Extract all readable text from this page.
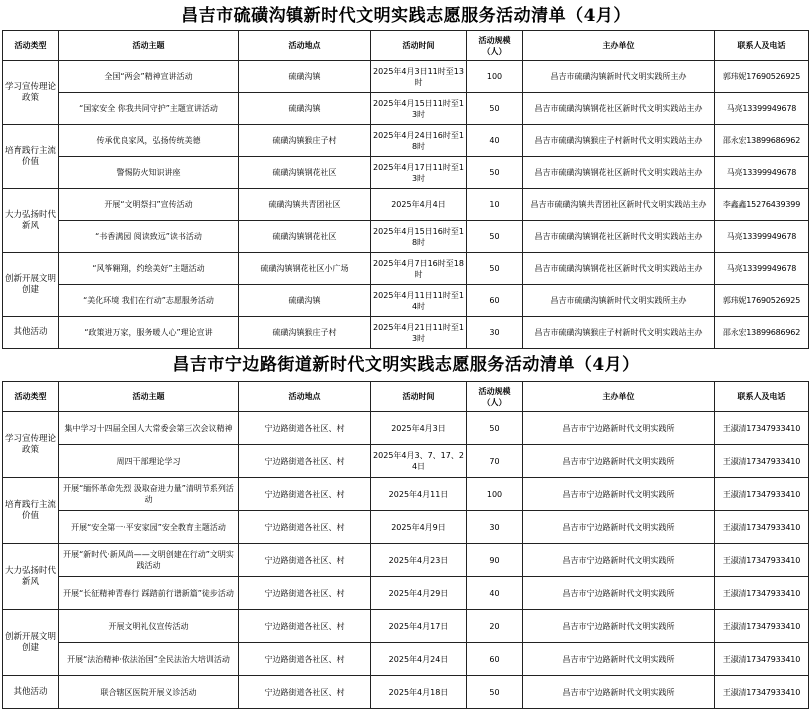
昌吉市硫磺沟镇新时代文明实践志愿服务活动清单（4月）
活动类型	活动主题	活动地点	活动时间	活动规模（人）	主办单位	联系人及电话
学习宣传理论政策	全国“两会”精神宣讲活动	硫磺沟镇	2025年4月3日11时至13时	100	昌吉市硫磺沟镇新时代文明实践所主办	郭玮妮17690526925
	“国家安全 你我共同守护”主题宣讲活动	硫磺沟镇	2025年4月15日11时至13时	50	昌吉市硫磺沟镇钢花社区新时代文明实践站主办	马亮13399949678
培育践行主流价值	传承优良家风，弘扬传统美德	硫磺沟镇猴庄子村	2025年4月24日16时至18时	40	昌吉市硫磺沟镇猴庄子村新时代文明实践站主办	邵永宏13899686962
	警惕防火知识讲座	硫磺沟镇钢花社区	2025年4月17日11时至13时	50	昌吉市硫磺沟镇钢花社区新时代文明实践站主办	马亮13399949678
大力弘扬时代新风	开展“文明祭扫”宣传活动	硫磺沟镇共青团社区	2025年4月4日	10	昌吉市硫磺沟镇共青团社区新时代文明实践站主办	李鑫鑫15276439399
	“书香满园 阅读致远”读书活动	硫磺沟镇钢花社区	2025年4月15日16时至18时	50	昌吉市硫磺沟镇钢花社区新时代文明实践站主办	马亮13399949678
创新开展文明创建	“风筝翱翔，约绘美好”主题活动	硫磺沟镇钢花社区小广场	2025年4月7日16时至18时	50	昌吉市硫磺沟镇钢花社区新时代文明实践站主办	马亮13399949678
	“美化环境 我们在行动”志愿服务活动	硫磺沟镇	2025年4月11日11时至14时	60	昌吉市硫磺沟镇新时代文明实践所主办	郭玮妮17690526925
其他活动	“政策进万家，服务暖人心”理论宣讲	硫磺沟镇猴庄子村	2025年4月21日11时至13时	30	昌吉市硫磺沟镇猴庄子村新时代文明实践站主办	邵永宏13899686962
昌吉市宁边路街道新时代文明实践志愿服务活动清单（4月）
活动类型	活动主题	活动地点	活动时间	活动规模（人）	主办单位	联系人及电话
学习宣传理论政策	集中学习十四届全国人大常委会第三次会议精神	宁边路街道各社区、村	2025年4月3日	50	昌吉市宁边路新时代文明实践所	王淑清17347933410
	周四干部理论学习	宁边路街道各社区、村	2025年4月3、7、17、24日	70	昌吉市宁边路新时代文明实践所	王淑清17347933410
培育践行主流价值	开展“缅怀革命先烈 汲取奋进力量”清明节系列活动	宁边路街道各社区、村	2025年4月11日	100	昌吉市宁边路新时代文明实践所	王淑清17347933410
	开展“安全第一·平安家园”安全教育主题活动	宁边路街道各社区、村	2025年4月9日	30	昌吉市宁边路新时代文明实践所	王淑清17347933410
大力弘扬时代新风	开展“新时代·新风尚——文明创建在行动”文明实践活动	宁边路街道各社区、村	2025年4月23日	90	昌吉市宁边路新时代文明实践所	王淑清17347933410
	开展“长征精神青春行 踩踏前行谱新篇”徒步活动	宁边路街道各社区、村	2025年4月29日	40	昌吉市宁边路新时代文明实践所	王淑清17347933410
创新开展文明创建	开展文明礼仪宣传活动	宁边路街道各社区、村	2025年4月17日	20	昌吉市宁边路新时代文明实践所	王淑清17347933410
	开展“法治精神·依法治国”全民法治大培训活动	宁边路街道各社区、村	2025年4月24日	60	昌吉市宁边路新时代文明实践所	王淑清17347933410
其他活动	联合辖区医院开展义诊活动	宁边路街道各社区、村	2025年4月18日	50	昌吉市宁边路新时代文明实践所	王淑清17347933410
